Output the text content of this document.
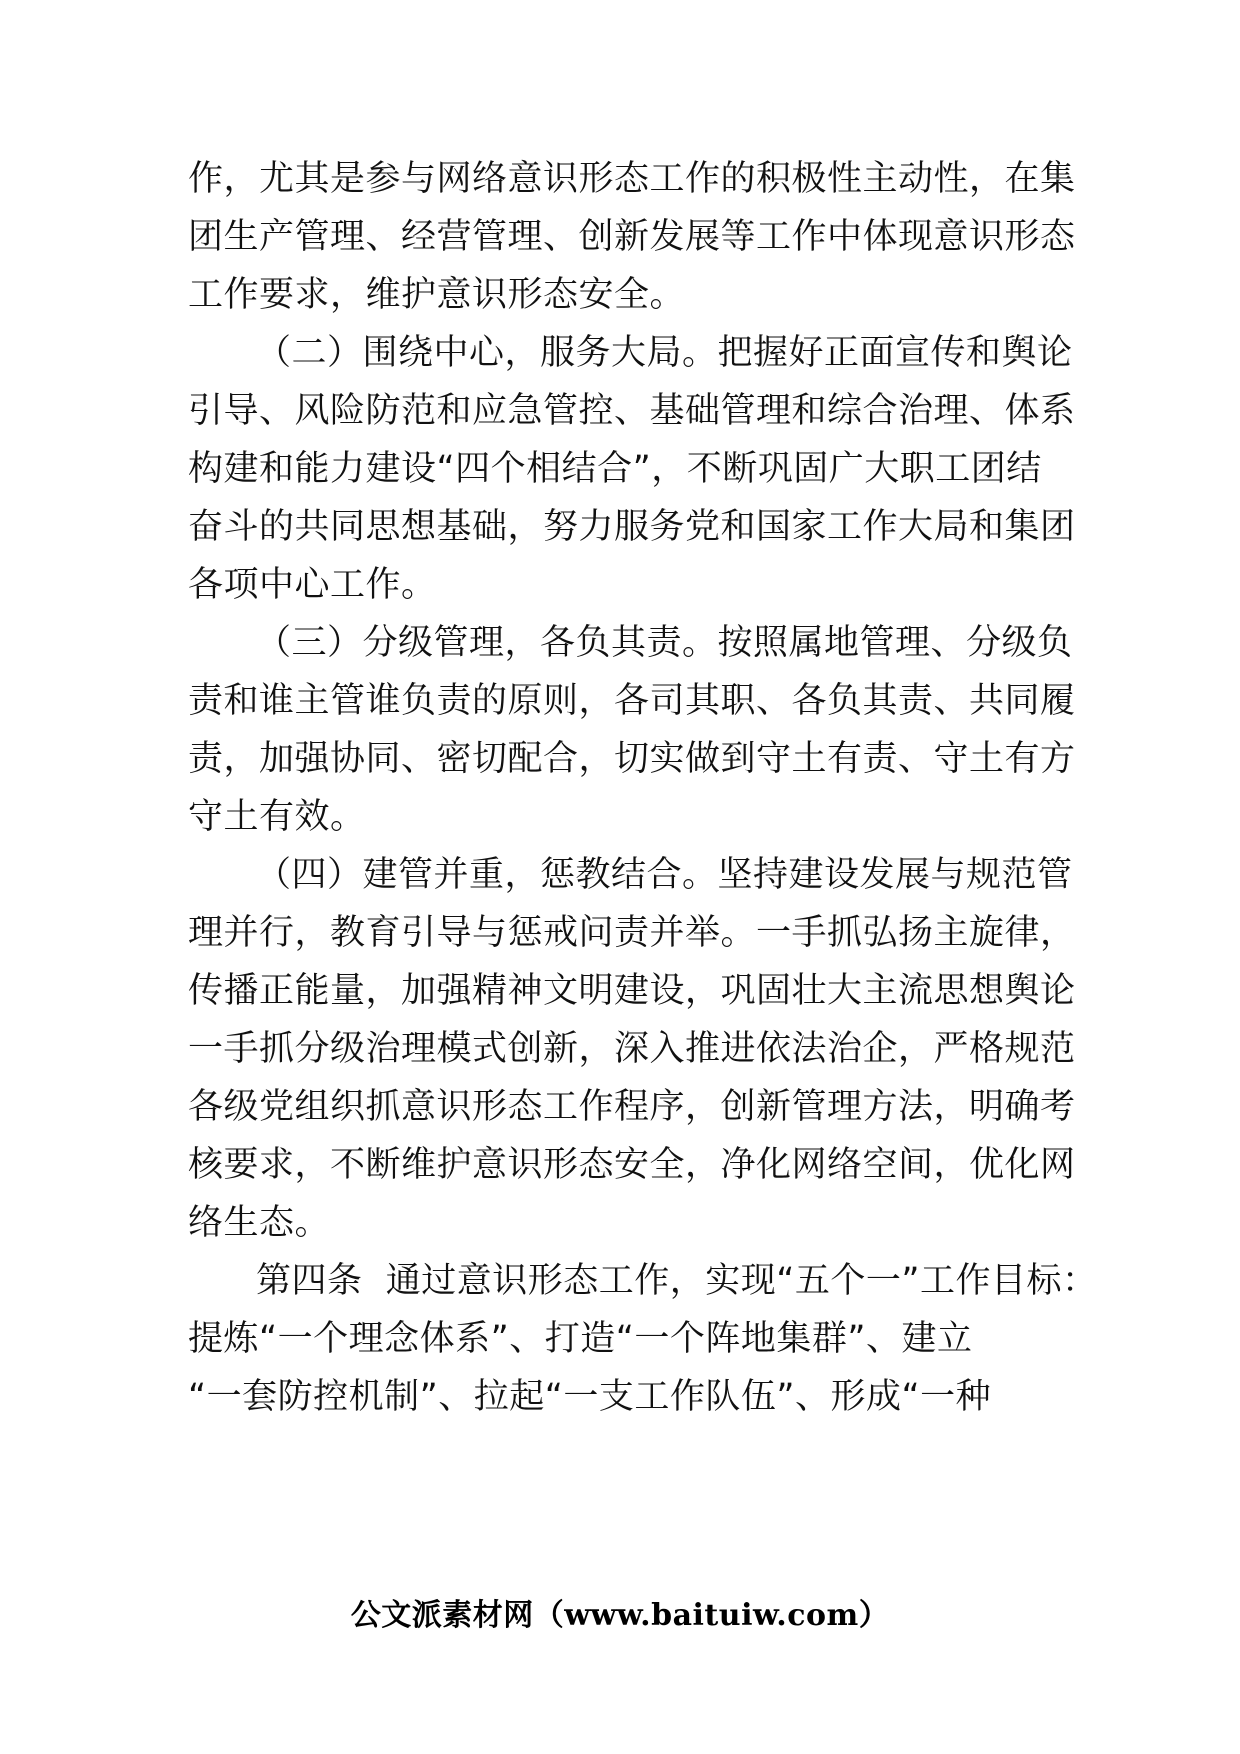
作，尤其是参与网络意识形态工作的积极性主动性，在集
团生产管理、经营管理、创新发展等工作中体现意识形态
工作要求，维护意识形态安全。
（二）围绕中心，服务大局。把握好正面宣传和舆论
引导、风险防范和应急管控、基础管理和综合治理、体系
构建和能力建设“四个相结合”，不断巩固广大职工团结
奋斗的共同思想基础，努力服务党和国家工作大局和集团
各项中心工作。
（三）分级管理，各负其责。按照属地管理、分级负
责和谁主管谁负责的原则，各司其职、各负其责、共同履
责，加强协同、密切配合，切实做到守土有责、守土有方
守土有效。
（四）建管并重，惩教结合。坚持建设发展与规范管
理并行，教育引导与惩戒问责并举。一手抓弘扬主旋律，
传播正能量，加强精神文明建设，巩固壮大主流思想舆论
一手抓分级治理模式创新，深入推进依法治企，严格规范
各级党组织抓意识形态工作程序，创新管理方法，明确考
核要求，不断维护意识形态安全，净化网络空间，优化网
络生态。
第四条  通过意识形态工作，实现“五个一”工作目标：
提炼“一个理念体系”、打造“一个阵地集群”、建立
“一套防控机制”、拉起“一支工作队伍”、形成“一种
公文派素材网（www.baituiw.com）
